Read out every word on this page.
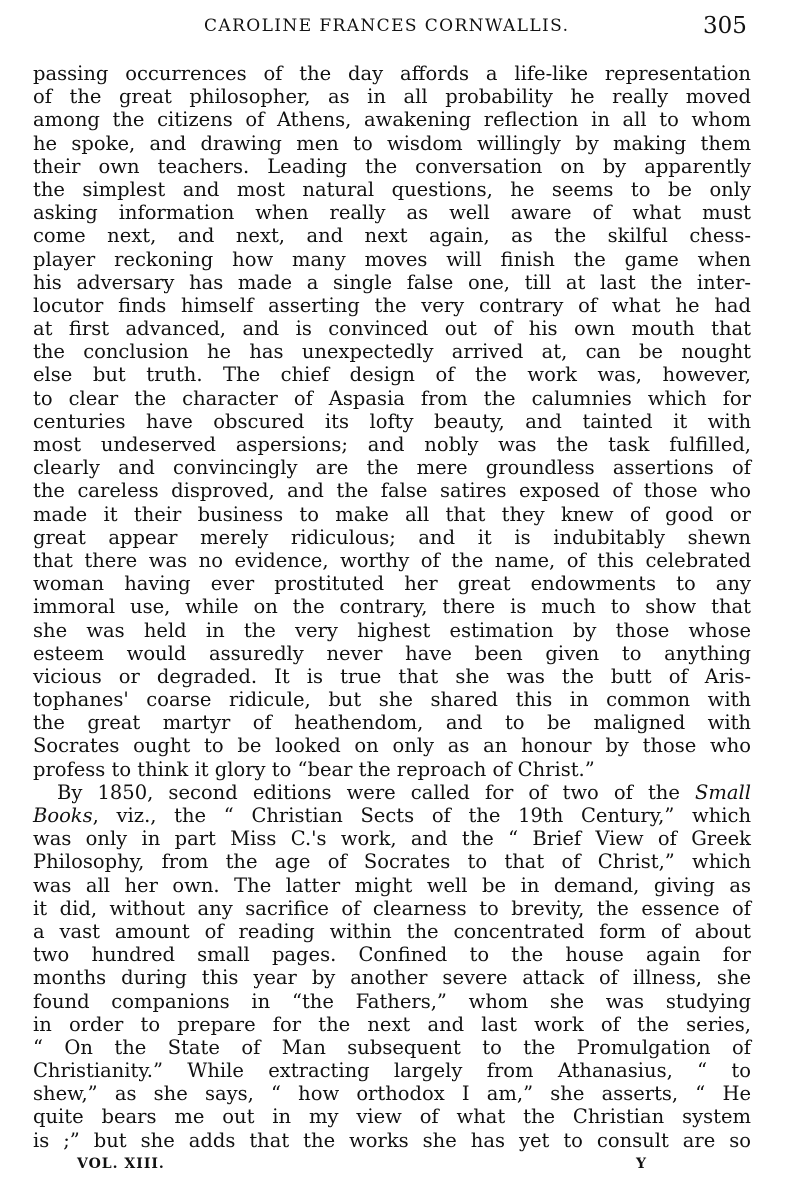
CAROLINE FRANCES CORNWALLIS.	305
passing occurrences of the day affords a life-like representation
of the great philosopher, as in all probability he really moved
among the citizens of Athens, awakening reflection in all to whom
he spoke, and drawing men to wisdom willingly by making them
their own teachers. Leading the conversation on by apparently
the simplest and most natural questions, he seems to be only
asking information when really as well aware of what must
come next, and next, and next again, as the skilful chess-
player reckoning how many moves will finish the game when
his adversary has made a single false one, till at last the inter-
locutor finds himself asserting the very contrary of what he had
at first advanced, and is convinced out of his own mouth that
the conclusion he has unexpectedly arrived at, can be nought
else but truth. The chief design of the work was, however,
to clear the character of Aspasia from the calumnies which for
centuries have obscured its lofty beauty, and tainted it with
most undeserved aspersions; and nobly was the task fulfilled,
clearly and convincingly are the mere groundless assertions of
the careless disproved, and the false satires exposed of those who
made it their business to make all that they knew of good or
great appear merely ridiculous; and it is indubitably shewn
that there was no evidence, worthy of the name, of this celebrated
woman having ever prostituted her great endowments to any
immoral use, while on the contrary, there is much to show that
she was held in the very highest estimation by those whose
esteem would assuredly never have been given to anything
vicious or degraded. It is true that she was the butt of Aris-
tophanes' coarse ridicule, but she shared this in common with
the great martyr of heathendom, and to be maligned with
Socrates ought to be looked on only as an honour by those who
profess to think it glory to “bear the reproach of Christ.”
By 1850, second editions were called for of two of the Small
Books, viz., the “ Christian Sects of the 19th Century,” which
was only in part Miss C.'s work, and the “ Brief View of Greek
Philosophy, from the age of Socrates to that of Christ,” which
was all her own. The latter might well be in demand, giving as
it did, without any sacrifice of clearness to brevity, the essence of
a vast amount of reading within the concentrated form of about
two hundred small pages. Confined to the house again for
months during this year by another severe attack of illness, she
found companions in “the Fathers,” whom she was studying
in order to prepare for the next and last work of the series,
“ On the State of Man subsequent to the Promulgation of
Christianity.” While extracting largely from Athanasius, “ to
shew,” as she says, “ how orthodox I am,” she asserts, “ He
quite bears me out in my view of what the Christian system
is ;” but she adds that the works she has yet to consult are so
VOL. XIII.	Y
